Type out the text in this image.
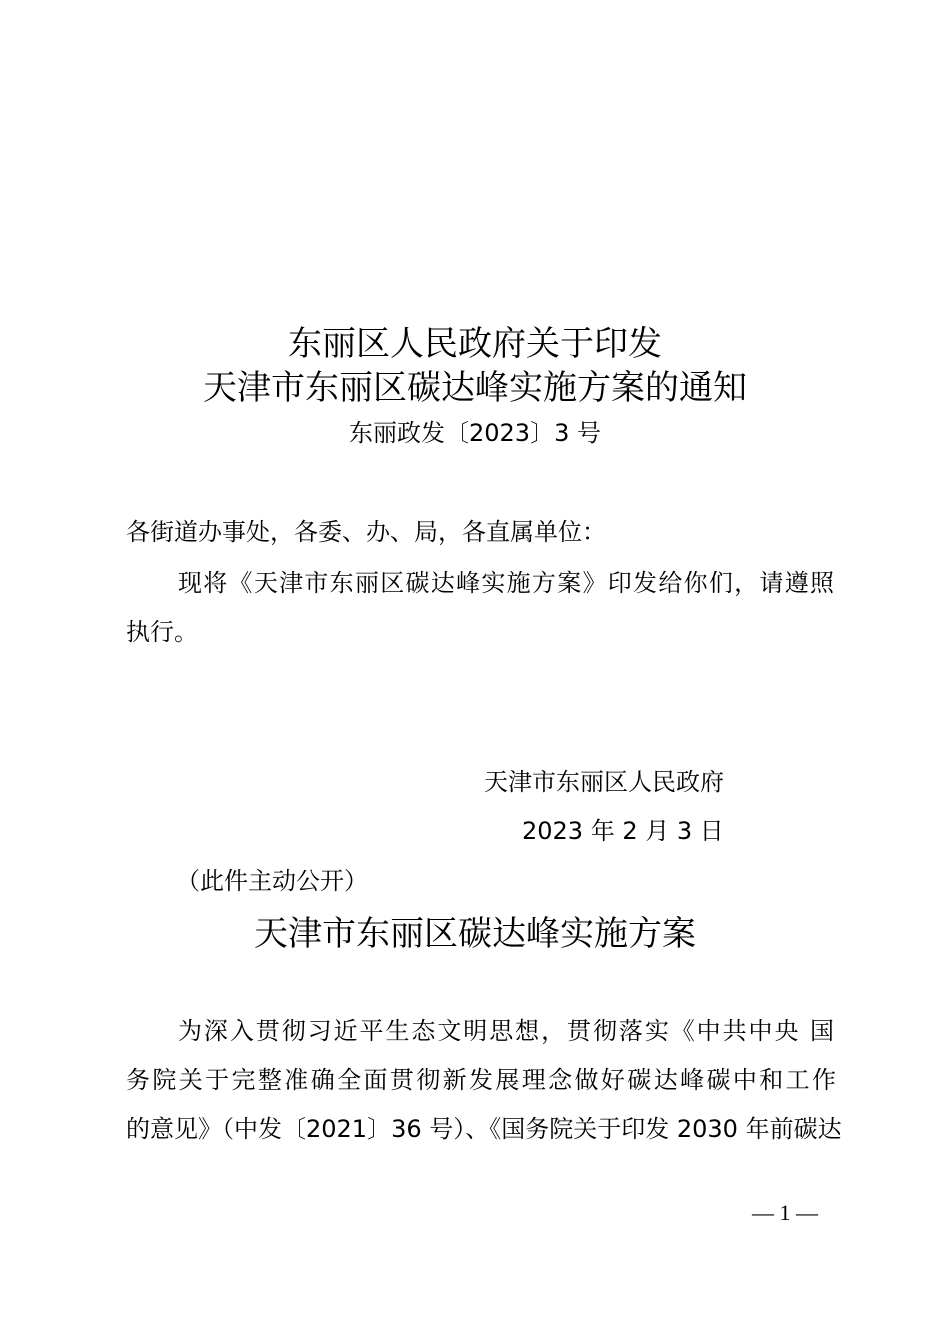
东丽区人民政府关于印发
天津市东丽区碳达峰实施方案的通知
东丽政发〔2023〕3 号
各街道办事处，各委、办、局，各直属单位：
现将《天津市东丽区碳达峰实施方案》印发给你们，请遵照
执行。
天津市东丽区人民政府
2023 年 2 月 3 日
（此件主动公开）
天津市东丽区碳达峰实施方案
为深入贯彻习近平生态文明思想，贯彻落实《中共中央 国
务院关于完整准确全面贯彻新发展理念做好碳达峰碳中和工作
的意见》（中发〔2021〕36 号）、《国务院关于印发 2030 年前碳达
— 1 —
